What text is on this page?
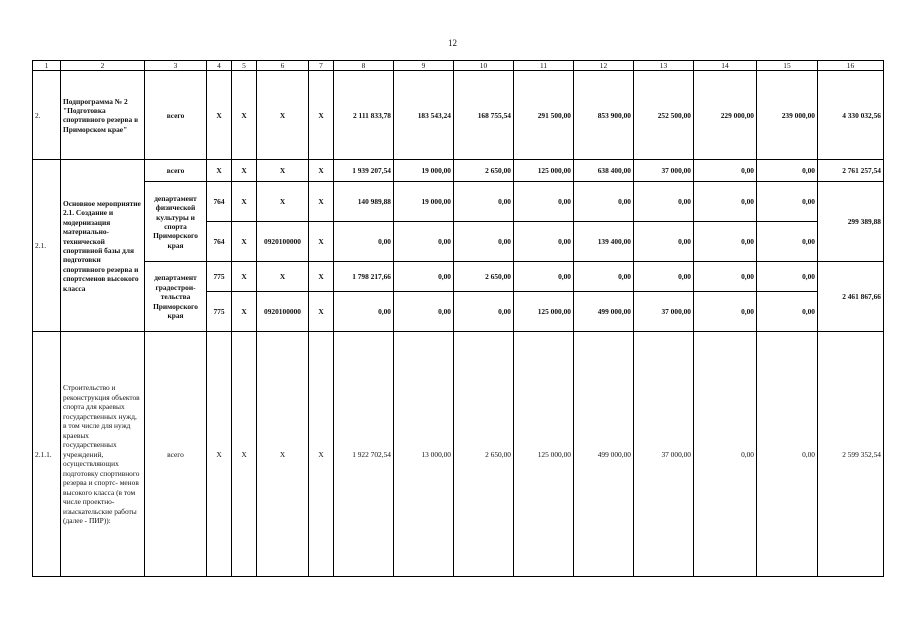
12
1	2	3	4	5	6	7	8	9	10	11	12	13	14	15	16
2.	Подпрограмма № 2 "Подготовка спортивного резерва в Приморском крае"	всего	X	X	X	X	2 111 833,78	183 543,24	168 755,54	291 500,00	853 900,00	252 500,00	229 000,00	239 000,00	4 330 032,56
2.1.	Основное мероприятие 2.1. Создание и модернизация материально-технической спортивной базы для подготовки спортивного резерва и спортсменов высокого класса	всего	X	X	X	X	1 939 207,54	19 000,00	2 650,00	125 000,00	638 400,00	37 000,00	0,00	0,00	2 761 257,54
		департамент физической культуры и спорта Приморского края	764	X	X	X	140 989,88	19 000,00	0,00	0,00	0,00	0,00	0,00	0,00	299 389,88
			764	X	0920100000	X	0,00	0,00	0,00	0,00	139 400,00	0,00	0,00	0,00	
		департамент градострои- тельства Приморского края	775	X	X	X	1 798 217,66	0,00	2 650,00	0,00	0,00	0,00	0,00	0,00	2 461 867,66
			775	X	0920100000	X	0,00	0,00	0,00	125 000,00	499 000,00	37 000,00	0,00	0,00	
2.1.1.	Строительство и реконструкция объектов спорта для краевых государственных нужд, в том числе для нужд краевых государственных учреждений, осуществляющих подготовку спортивного резерва и спортс- менов высокого класса (в том числе проектно- изыскательские работы (далее - ПИР)):	всего	X	X	X	X	1 922 702,54	13 000,00	2 650,00	125 000,00	499 000,00	37 000,00	0,00	0,00	2 599 352,54
